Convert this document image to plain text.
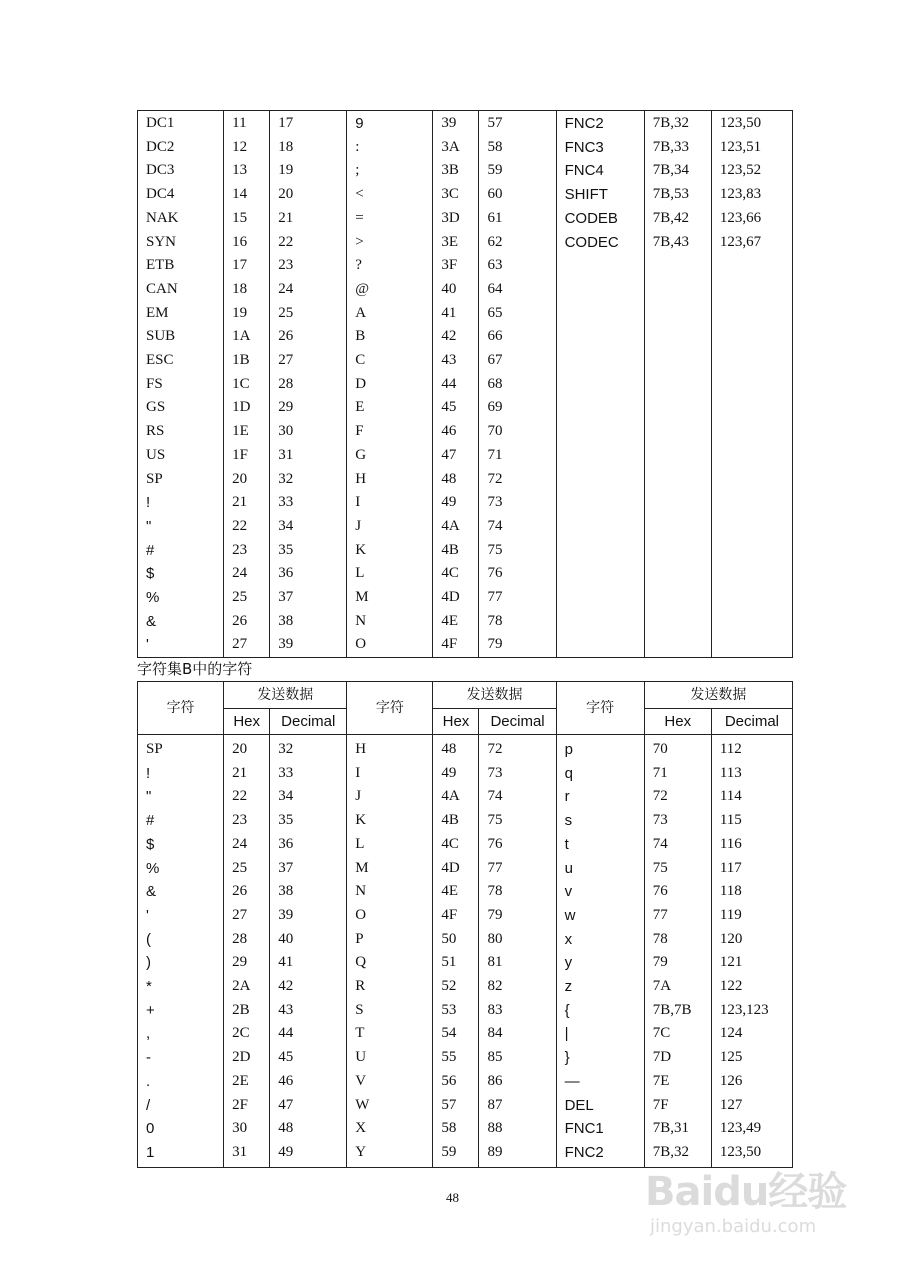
DC1	11	17	9	39	57	FNC2	7B,32	123,50
DC2	12	18	:	3A	58	FNC3	7B,33	123,51
DC3	13	19	;	3B	59	FNC4	7B,34	123,52
DC4	14	20	<	3C	60	SHIFT	7B,53	123,83
NAK	15	21	=	3D	61	CODEB	7B,42	123,66
SYN	16	22	>	3E	62	CODEC	7B,43	123,67
ETB	17	23	?	3F	63			
CAN	18	24	@	40	64			
EM	19	25	A	41	65			
SUB	1A	26	B	42	66			
ESC	1B	27	C	43	67			
FS	1C	28	D	44	68			
GS	1D	29	E	45	69			
RS	1E	30	F	46	70			
US	1F	31	G	47	71			
SP	20	32	H	48	72			
!	21	33	I	49	73			
"	22	34	J	4A	74			
#	23	35	K	4B	75			
$	24	36	L	4C	76			
%	25	37	M	4D	77			
&	26	38	N	4E	78			
'	27	39	O	4F	79			
字符集B中的字符
字符	发送数据		字符	发送数据		字符	发送数据	
	Hex	Decimal		Hex	Decimal		Hex	Decimal
SP	20	32	H	48	72	p	70	112
!	21	33	I	49	73	q	71	113
"	22	34	J	4A	74	r	72	114
#	23	35	K	4B	75	s	73	115
$	24	36	L	4C	76	t	74	116
%	25	37	M	4D	77	u	75	117
&	26	38	N	4E	78	v	76	118
'	27	39	O	4F	79	w	77	119
(	28	40	P	50	80	x	78	120
)	29	41	Q	51	81	y	79	121
*	2A	42	R	52	82	z	7A	122
+	2B	43	S	53	83	{	7B,7B	123,123
,	2C	44	T	54	84	|	7C	124
-	2D	45	U	55	85	}	7D	125
.	2E	46	V	56	86	—	7E	126
/	2F	47	W	57	87	DEL	7F	127
0	30	48	X	58	88	FNC1	7B,31	123,49
1	31	49	Y	59	89	FNC2	7B,32	123,50
48	Baidu经验
jingyan.baidu.com
